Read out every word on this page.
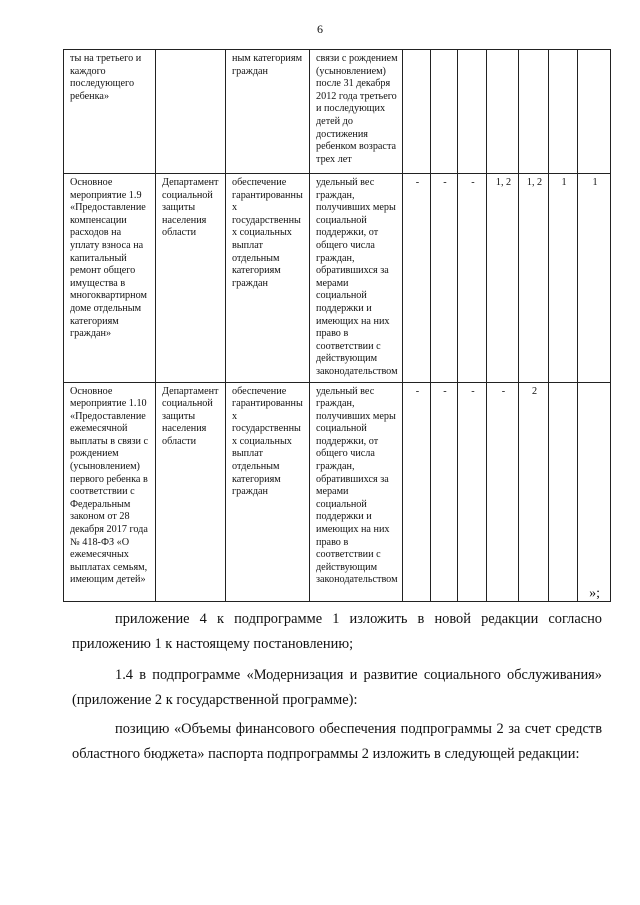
6
ты на третьего и каждого последующего ребенка»		ным категориям граждан	связи с рождением (усыновлением) после 31 декабря 2012 года третьего и последующих детей до достижения ребенком возраста трех лет							
Основное мероприятие 1.9 «Предоставление компенсации расходов на уплату взноса на капитальный ремонт общего имущества в многоквартирном доме отдельным категориям граждан»	Департамент социальной защиты населения области	обеспечение гарантированных государственных социальных выплат отдельным категориям граждан	удельный вес граждан, получивших меры социальной поддержки, от общего числа граждан, обратившихся за мерами социальной поддержки и имеющих на них право в соответствии с действующим законодательством	-	-	-	1, 2	1, 2	1	1
Основное мероприятие 1.10 «Предоставление ежемесячной выплаты в связи с рождением (усыновлением) первого ребенка в соответствии с Федеральным законом от 28 декабря 2017 года № 418-ФЗ «О ежемесячных выплатах семьям, имеющим детей»	Департамент социальной защиты населения области	обеспечение гарантированных государственных социальных выплат отдельным категориям граждан	удельный вес граждан, получивших меры социальной поддержки, от общего числа граждан, обратившихся за мерами социальной поддержки и имеющих на них право в соответствии с действующим законодательством	-	-	-	-	2		
»;

приложение 4 к подпрограмме 1 изложить в новой редакции согласно приложению 1 к настоящему постановлению;

1.4 в подпрограмме «Модернизация и развитие социального обслуживания» (приложение 2 к государственной программе):

позицию «Объемы финансового обеспечения подпрограммы 2 за счет средств областного бюджета» паспорта подпрограммы 2 изложить в следующей редакции:
